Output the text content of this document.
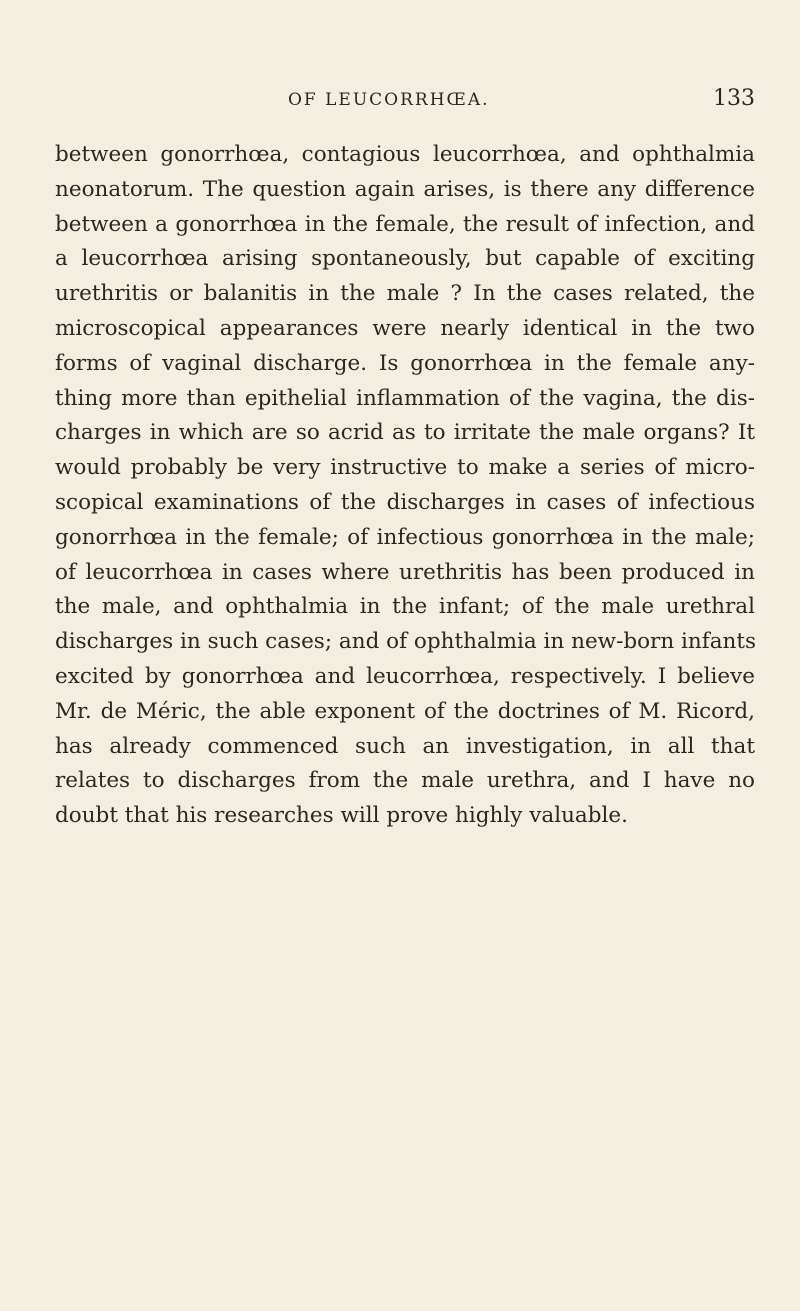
OF LEUCORRHŒA.	133
between gonorrhœa, contagious leucorrhœa, and ophthalmia
neonatorum. The question again arises, is there any difference
between a gonorrhœa in the female, the result of infection, and
a leucorrhœa arising spontaneously, but capable of exciting
urethritis or balanitis in the male ? In the cases related, the
microscopical appearances were nearly identical in the two
forms of vaginal discharge. Is gonorrhœa in the female any-
thing more than epithelial inflammation of the vagina, the dis-
charges in which are so acrid as to irritate the male organs? It
would probably be very instructive to make a series of micro-
scopical examinations of the discharges in cases of infectious
gonorrhœa in the female; of infectious gonorrhœa in the male;
of leucorrhœa in cases where urethritis has been produced in
the male, and ophthalmia in the infant; of the male urethral
discharges in such cases; and of ophthalmia in new-born infants
excited by gonorrhœa and leucorrhœa, respectively. I believe
Mr. de Méric, the able exponent of the doctrines of M. Ricord,
has already commenced such an investigation, in all that
relates to discharges from the male urethra, and I have no
doubt that his researches will prove highly valuable.
